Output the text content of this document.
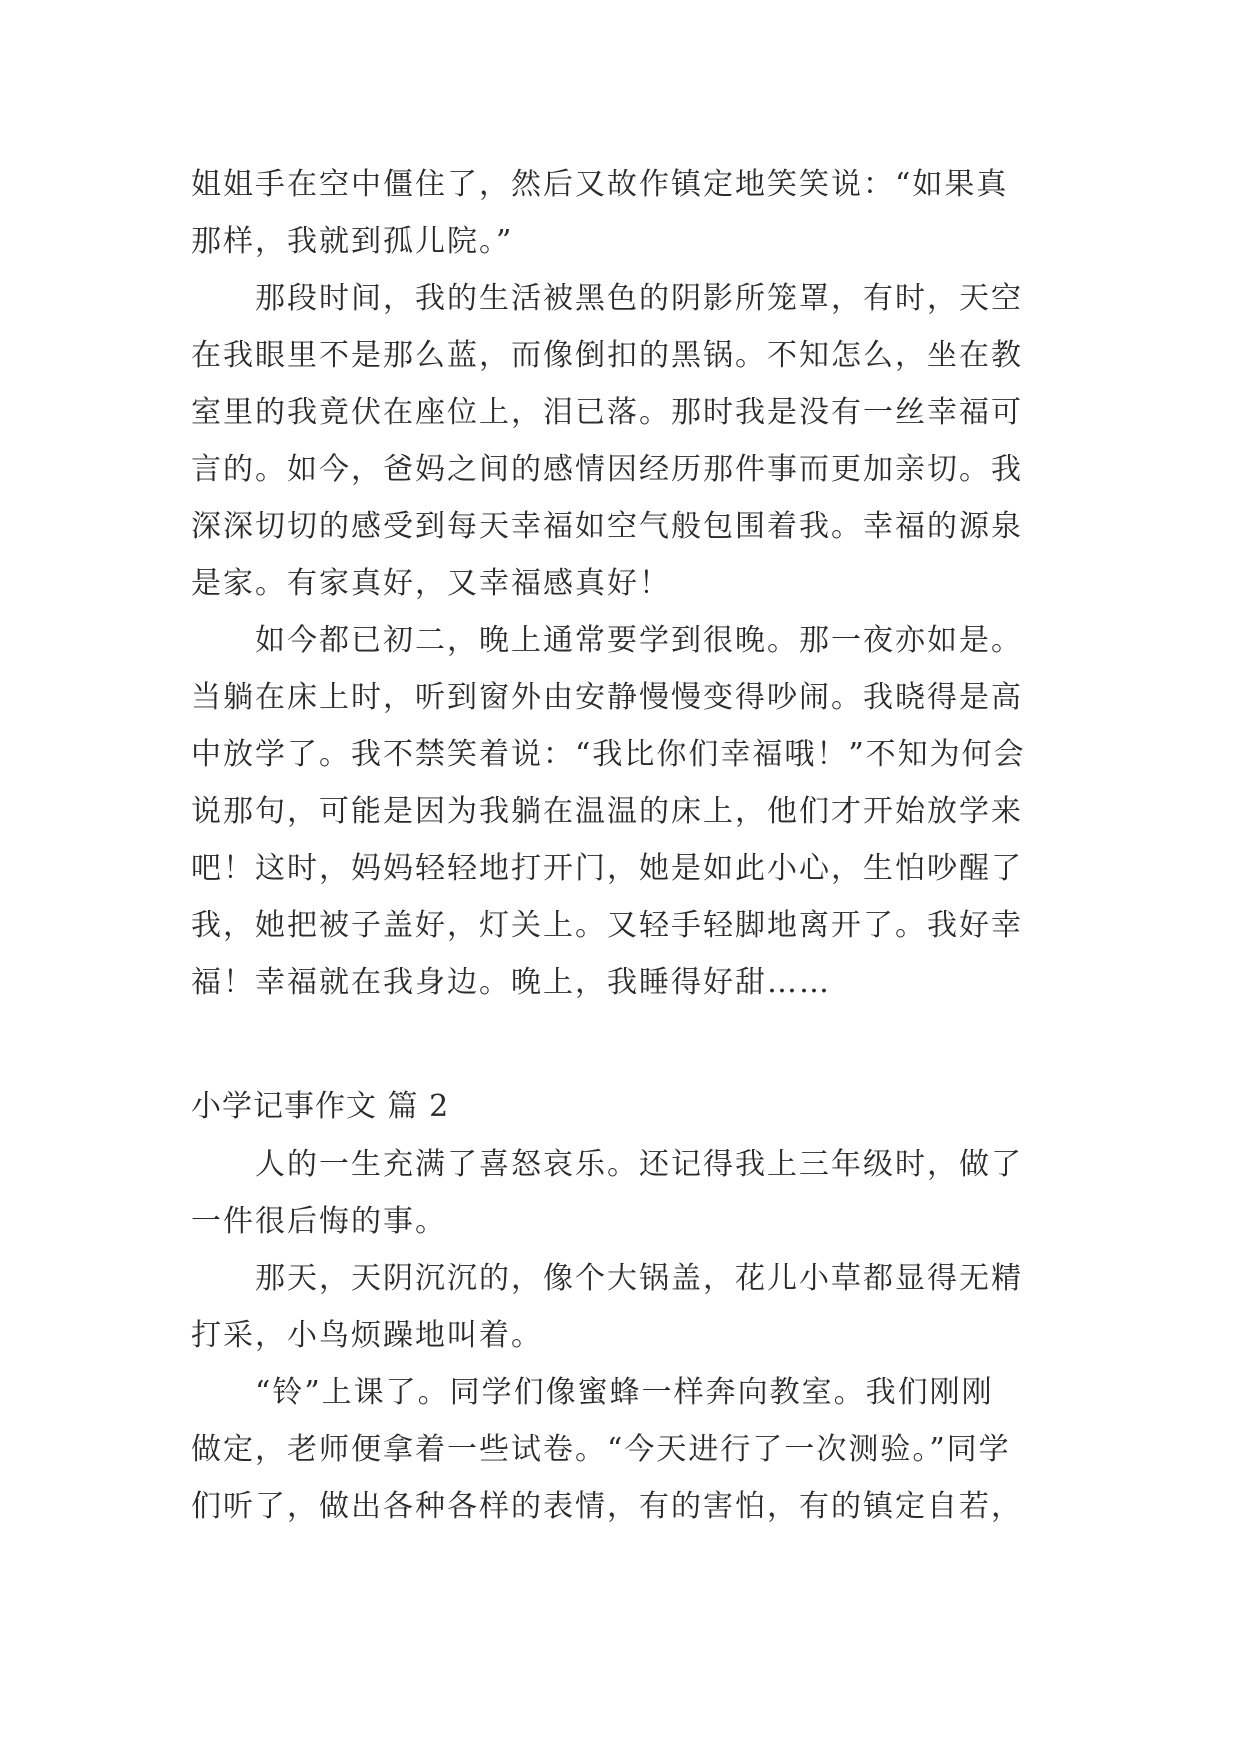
姐姐手在空中僵住了，然后又故作镇定地笑笑说：“如果真
那样，我就到孤儿院。”
那段时间，我的生活被黑色的阴影所笼罩，有时，天空
在我眼里不是那么蓝，而像倒扣的黑锅。不知怎么，坐在教
室里的我竟伏在座位上，泪已落。那时我是没有一丝幸福可
言的。如今，爸妈之间的感情因经历那件事而更加亲切。我
深深切切的感受到每天幸福如空气般包围着我。幸福的源泉
是家。有家真好，又幸福感真好！
如今都已初二，晚上通常要学到很晚。那一夜亦如是。
当躺在床上时，听到窗外由安静慢慢变得吵闹。我晓得是高
中放学了。我不禁笑着说：“我比你们幸福哦！”不知为何会
说那句，可能是因为我躺在温温的床上，他们才开始放学来
吧！这时，妈妈轻轻地打开门，她是如此小心，生怕吵醒了
我，她把被子盖好，灯关上。又轻手轻脚地离开了。我好幸
福！幸福就在我身边。晚上，我睡得好甜……
小学记事作文 篇 2
人的一生充满了喜怒哀乐。还记得我上三年级时，做了
一件很后悔的事。
那天，天阴沉沉的，像个大锅盖，花儿小草都显得无精
打采，小鸟烦躁地叫着。
“铃”上课了。同学们像蜜蜂一样奔向教室。我们刚刚
做定，老师便拿着一些试卷。“今天进行了一次测验。”同学
们听了，做出各种各样的表情，有的害怕，有的镇定自若，
